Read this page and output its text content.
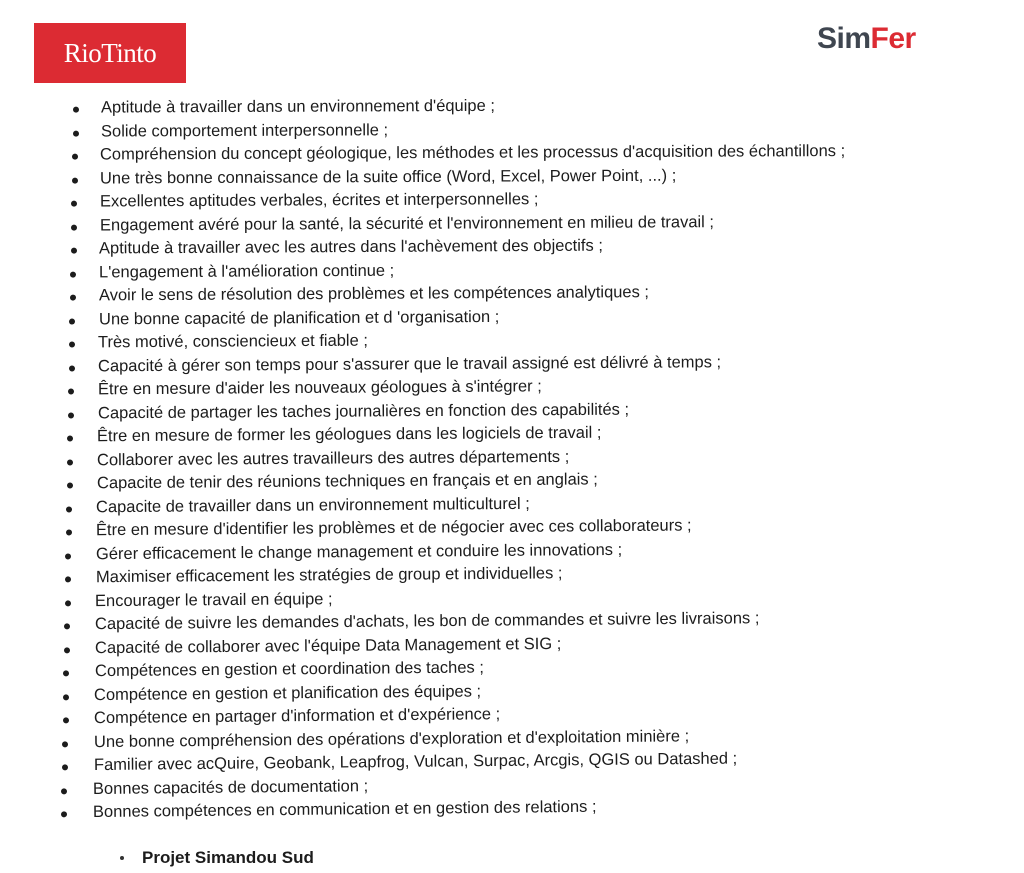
RioTinto	SimFer
Aptitude à travailler dans un environnement d'équipe ;
Solide comportement interpersonnelle ;
Compréhension du concept géologique, les méthodes et les processus d'acquisition des échantillons ;
Une très bonne connaissance de la suite office (Word, Excel, Power Point, ...) ;
Excellentes aptitudes verbales, écrites et interpersonnelles ;
Engagement avéré pour la santé, la sécurité et l'environnement en milieu de travail ;
Aptitude à travailler avec les autres dans l'achèvement des objectifs ;
L'engagement à l'amélioration continue ;
Avoir le sens de résolution des problèmes et les compétences analytiques ;
Une bonne capacité de planification et d 'organisation ;
Très motivé, consciencieux et fiable ;
Capacité à gérer son temps pour s'assurer que le travail assigné est délivré à temps ;
Être en mesure d'aider les nouveaux géologues à s'intégrer ;
Capacité de partager les taches journalières en fonction des capabilités ;
Être en mesure de former les géologues dans les logiciels de travail ;
Collaborer avec les autres travailleurs des autres départements ;
Capacite de tenir des réunions techniques en français et en anglais ;
Capacite de travailler dans un environnement multiculturel ;
Être en mesure d'identifier les problèmes et de négocier avec ces collaborateurs ;
Gérer efficacement le change management et conduire les innovations ;
Maximiser efficacement les stratégies de group et individuelles ;
Encourager le travail en équipe ;
Capacité de suivre les demandes d'achats, les bon de commandes et suivre les livraisons ;
Capacité de collaborer avec l'équipe Data Management et SIG ;
Compétences en gestion et coordination des taches ;
Compétence en gestion et planification des équipes ;
Compétence en partager d'information et d'expérience ;
Une bonne compréhension des opérations d'exploration et d'exploitation minière ;
Familier avec acQuire, Geobank, Leapfrog, Vulcan, Surpac, Arcgis, QGIS ou Datashed ;
Bonnes capacités de documentation ;
Bonnes compétences en communication et en gestion des relations ;
Projet Simandou Sud
